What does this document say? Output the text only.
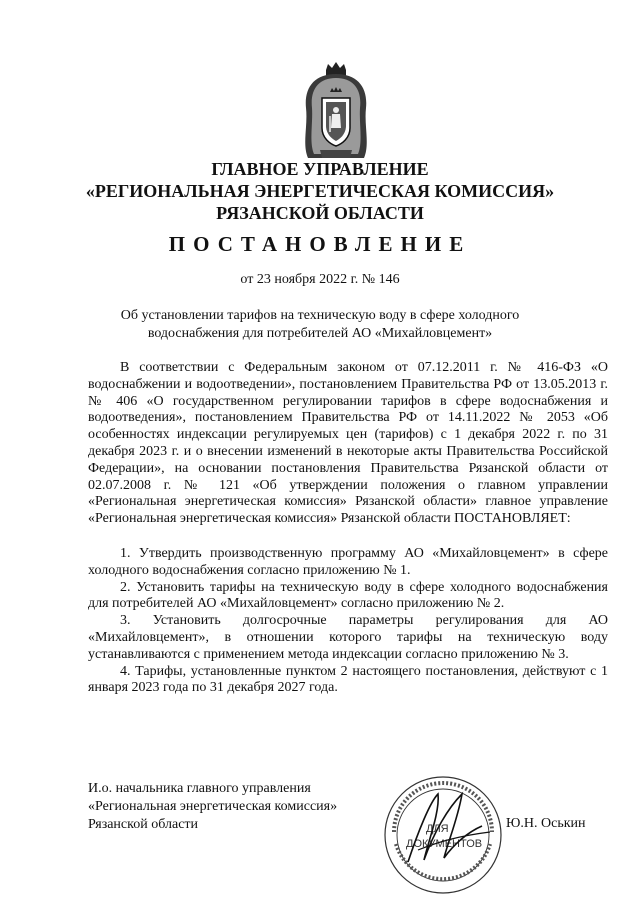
ГЛАВНОЕ УПРАВЛЕНИЕ
«РЕГИОНАЛЬНАЯ ЭНЕРГЕТИЧЕСКАЯ КОМИССИЯ»
РЯЗАНСКОЙ ОБЛАСТИ
ПОСТАНОВЛЕНИЕ
от 23 ноября 2022 г. № 146
Об установлении тарифов на техническую воду в сфере холодного
водоснабжения для потребителей АО «Михайловцемент»

В соответствии с Федеральным законом от 07.12.2011 г. № 416-ФЗ «О водоснабжении и водоотведении», постановлением Правительства РФ от 13.05.2013 г. № 406 «О государственном регулировании тарифов в сфере водоснабжения и водоотведения», постановлением Правительства РФ от 14.11.2022 № 2053 «Об особенностях индексации регулируемых цен (тарифов) с 1 декабря 2022 г. по 31 декабря 2023 г. и о внесении изменений в некоторые акты Правительства Российской Федерации», на основании постановления Правительства Рязанской области от 02.07.2008 г. № 121 «Об утверждении положения о главном управлении «Региональная энергетическая комиссия» Рязанской области» главное управление «Региональная энергетическая комиссия» Рязанской области ПОСТАНОВЛЯЕТ:

1. Утвердить производственную программу АО «Михайловцемент» в сфере холодного водоснабжения согласно приложению № 1.

2. Установить тарифы на техническую воду в сфере холодного водоснабжения для потребителей АО «Михайловцемент» согласно приложению № 2.

3. Установить долгосрочные параметры регулирования для АО «Михайловцемент», в отношении которого тарифы на техническую воду устанавливаются с применением метода индексации согласно приложению № 3.

4. Тарифы, установленные пунктом 2 настоящего постановления, действуют с 1 января 2023 года по 31 декабря 2027 года.

И.о. начальника главного управления
«Региональная энергетическая комиссия»
Рязанской области	ДЛЯ
ДОКУМЕНТОВ
Ю.Н. Оськин
